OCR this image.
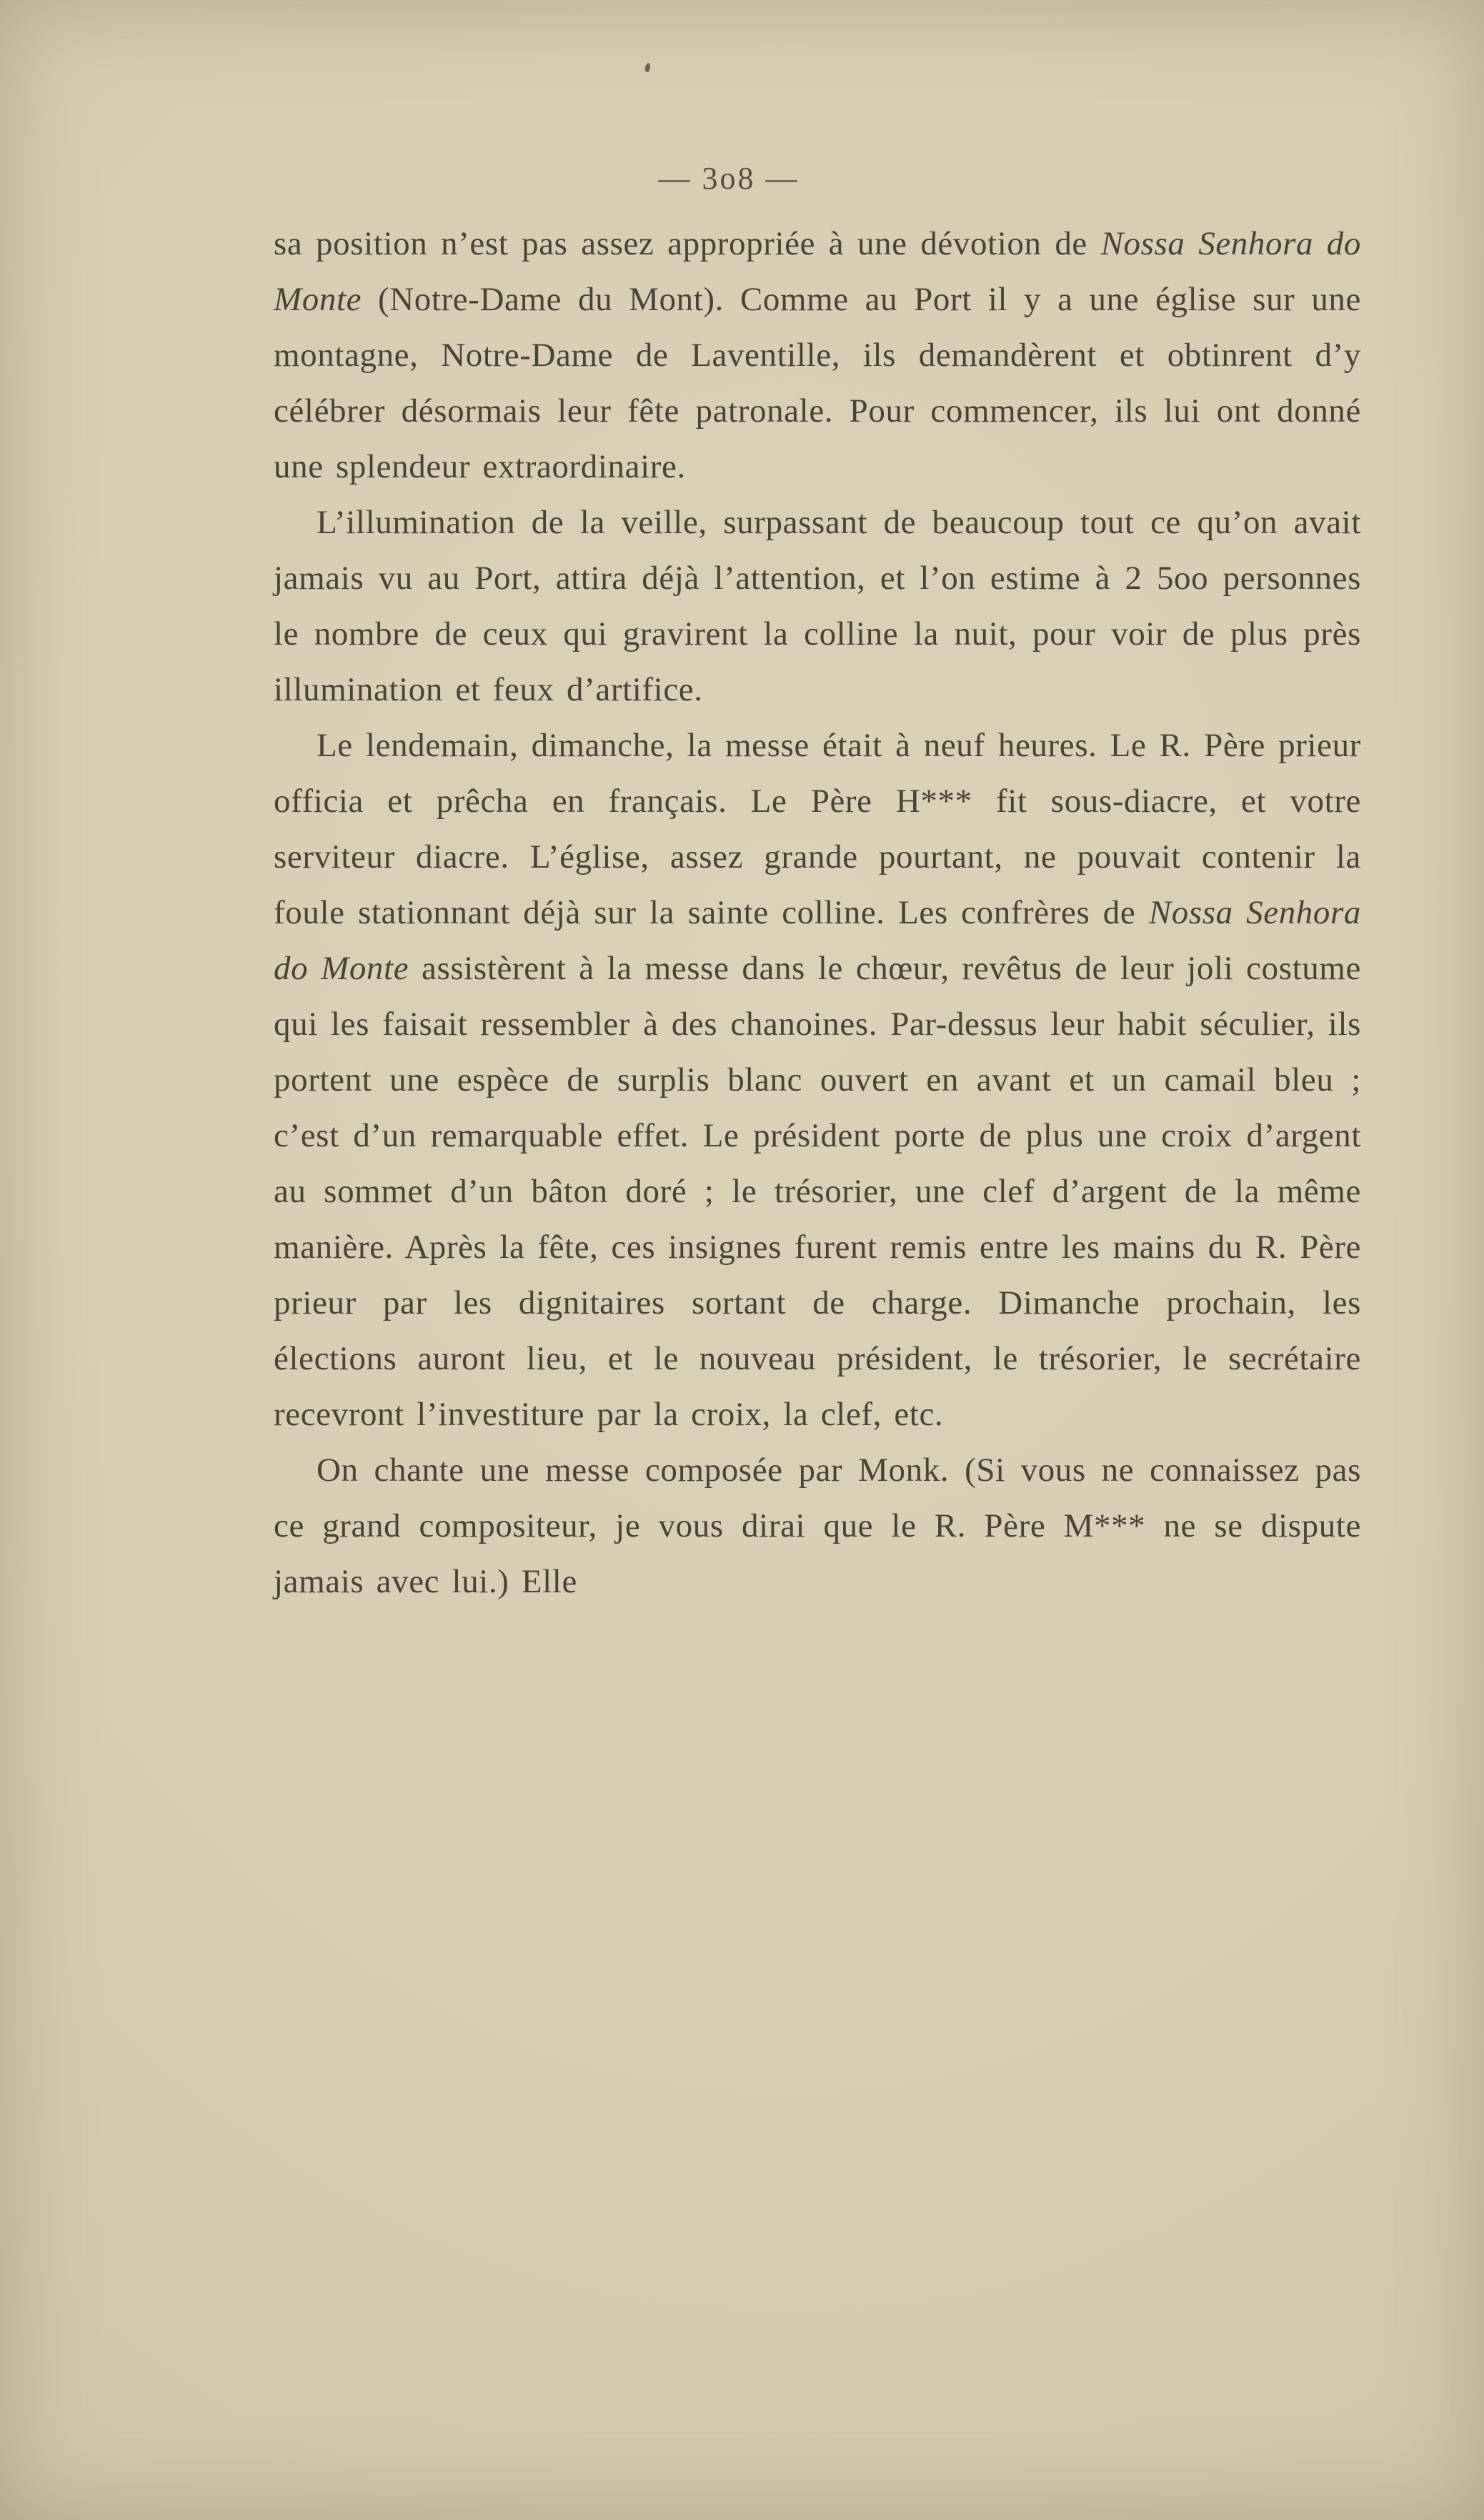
— 3o8 —

sa position n’est pas assez appropriée à une dévotion de Nossa Senhora do Monte (Notre-Dame du Mont). Comme au Port il y a une église sur une montagne, Notre-Dame de Laventille, ils demandèrent et obtinrent d’y célébrer désormais leur fête patronale. Pour commencer, ils lui ont donné une splendeur extraordinaire.

L’illumination de la veille, surpassant de beaucoup tout ce qu’on avait jamais vu au Port, attira déjà l’attention, et l’on estime à 2 5oo personnes le nombre de ceux qui gravirent la colline la nuit, pour voir de plus près illumination et feux d’artifice.

Le lendemain, dimanche, la messe était à neuf heures. Le R. Père prieur officia et prêcha en français. Le Père H*** fit sous-diacre, et votre serviteur diacre. L’église, assez grande pourtant, ne pouvait contenir la foule stationnant déjà sur la sainte colline. Les confrères de Nossa Senhora do Monte assistèrent à la messe dans le chœur, revêtus de leur joli costume qui les faisait ressembler à des chanoines. Par-dessus leur habit séculier, ils portent une espèce de surplis blanc ouvert en avant et un camail bleu ; c’est d’un remarquable effet. Le président porte de plus une croix d’argent au sommet d’un bâton doré ; le trésorier, une clef d’argent de la même manière. Après la fête, ces insignes furent remis entre les mains du R. Père prieur par les dignitaires sortant de charge. Dimanche prochain, les élections auront lieu, et le nouveau président, le trésorier, le secrétaire recevront l’investiture par la croix, la clef, etc.

On chante une messe composée par Monk. (Si vous ne connaissez pas ce grand compositeur, je vous dirai que le R. Père M*** ne se dispute jamais avec lui.) Elle
